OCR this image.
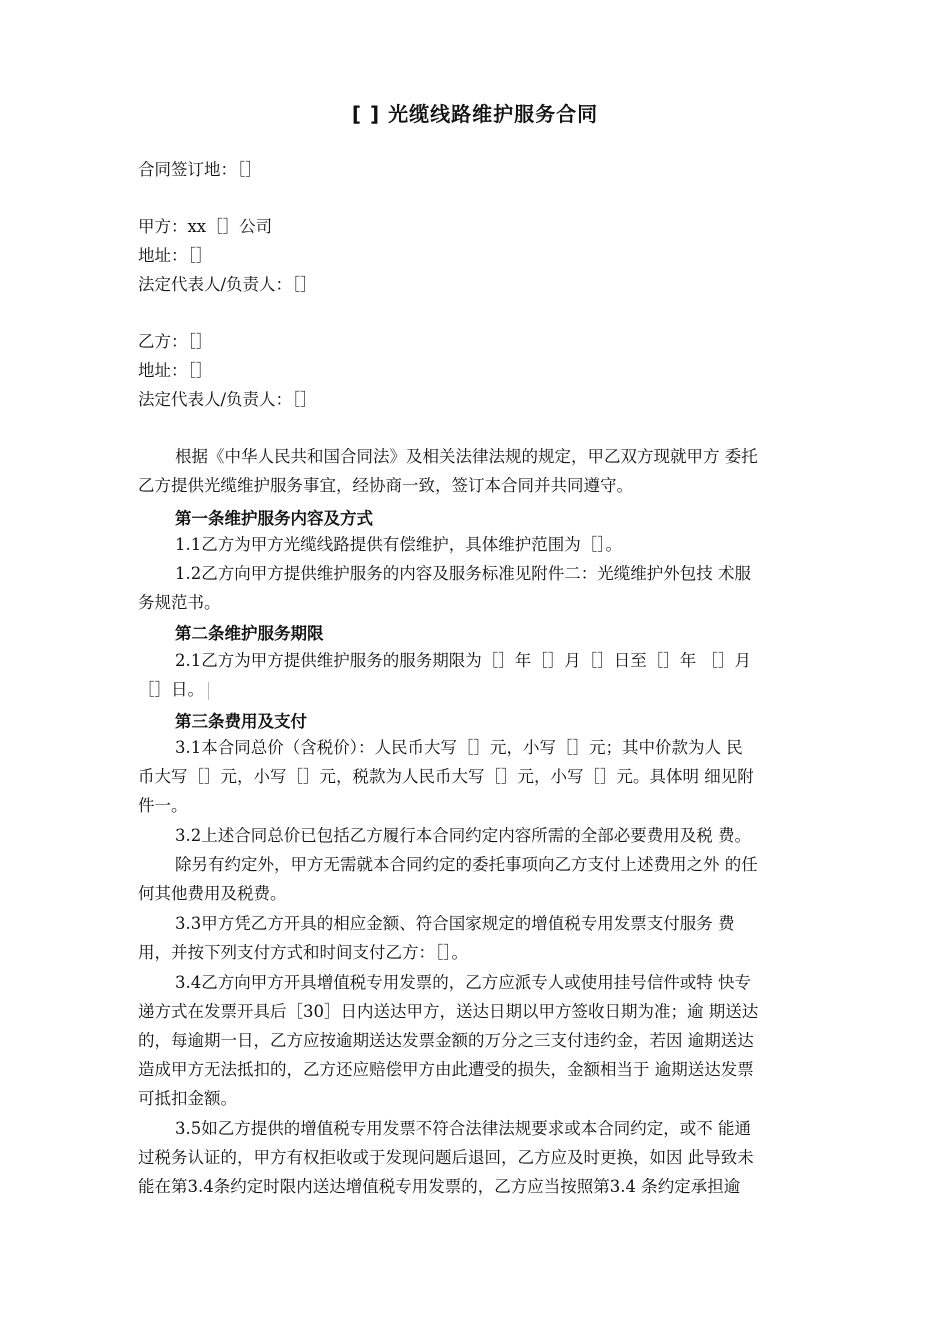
[ ] 光缆线路维护服务合同
合同签订地：［］
甲方：xx［］公司
地址：［］
法定代表人/负责人：［］
乙方：［］
地址：［］
法定代表人/负责人：［］
根据《中华人民共和国合同法》及相关法律法规的规定，甲乙双方现就甲方 委托
乙方提供光缆维护服务事宜，经协商一致，签订本合同并共同遵守。
第一条维护服务内容及方式
1.1乙方为甲方光缆线路提供有偿维护，具体维护范围为［］。
1.2乙方向甲方提供维护服务的内容及服务标准见附件二：光缆维护外包技 术服
务规范书。
第二条维护服务期限
2.1乙方为甲方提供维护服务的服务期限为［］年［］月［］日至［］年 ［］月
［］日。
第三条费用及支付
3.1本合同总价（含税价）：人民币大写［］元，小写［］元；其中价款为人 民
币大写［］元，小写［］元，税款为人民币大写［］元，小写［］元。具体明 细见附
件一。
3.2上述合同总价已包括乙方履行本合同约定内容所需的全部必要费用及税 费。
除另有约定外，甲方无需就本合同约定的委托事项向乙方支付上述费用之外 的任
何其他费用及税费。
3.3甲方凭乙方开具的相应金额、符合国家规定的增值税专用发票支付服务 费
用，并按下列支付方式和时间支付乙方：［］。
3.4乙方向甲方开具增值税专用发票的，乙方应派专人或使用挂号信件或特 快专
递方式在发票开具后［30］日内送达甲方，送达日期以甲方签收日期为准；逾 期送达
的，每逾期一日，乙方应按逾期送达发票金额的万分之三支付违约金，若因 逾期送达
造成甲方无法抵扣的，乙方还应赔偿甲方由此遭受的损失，金额相当于 逾期送达发票
可抵扣金额。
3.5如乙方提供的增值税专用发票不符合法律法规要求或本合同约定，或不 能通
过税务认证的，甲方有权拒收或于发现问题后退回，乙方应及时更换，如因 此导致未
能在第3.4条约定时限内送达增值税专用发票的，乙方应当按照第3.4 条约定承担逾
